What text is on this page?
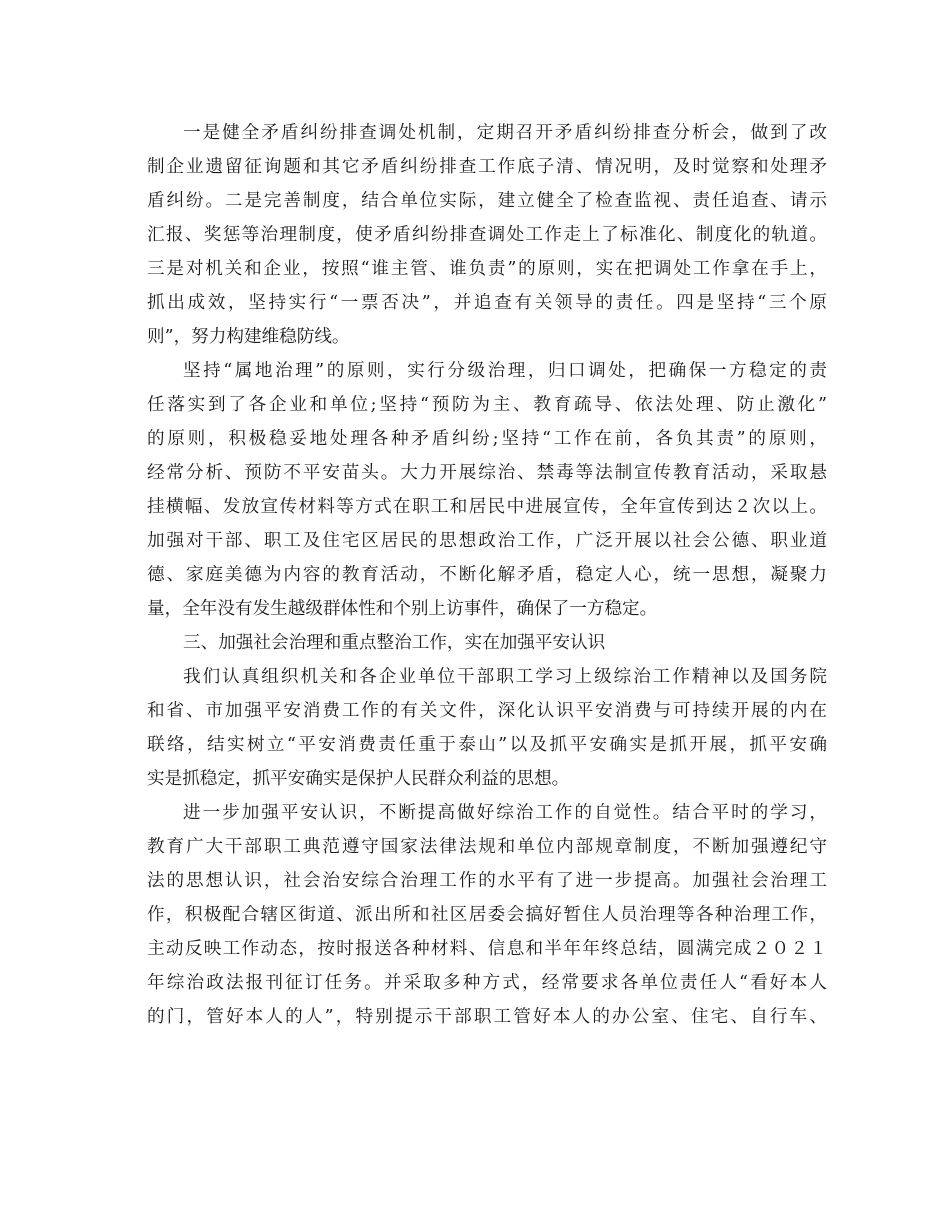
一是健全矛盾纠纷排查调处机制，定期召开矛盾纠纷排查分析会，做到了改
制企业遗留征询题和其它矛盾纠纷排查工作底子清、情况明，及时觉察和处理矛
盾纠纷。二是完善制度，结合单位实际，建立健全了检查监视、责任追查、请示
汇报、奖惩等治理制度，使矛盾纠纷排查调处工作走上了标准化、制度化的轨道。
三是对机关和企业，按照“谁主管、谁负责”的原则，实在把调处工作拿在手上，
抓出成效，坚持实行“一票否决”，并追查有关领导的责任。四是坚持“三个原
则”，努力构建维稳防线。
坚持“属地治理”的原则，实行分级治理，归口调处，把确保一方稳定的责
任落实到了各企业和单位;坚持“预防为主、教育疏导、依法处理、防止激化”
的原则，积极稳妥地处理各种矛盾纠纷;坚持“工作在前，各负其责”的原则，
经常分析、预防不平安苗头。大力开展综治、禁毒等法制宣传教育活动，采取悬
挂横幅、发放宣传材料等方式在职工和居民中进展宣传，全年宣传到达２次以上。
加强对干部、职工及住宅区居民的思想政治工作，广泛开展以社会公德、职业道
德、家庭美德为内容的教育活动，不断化解矛盾，稳定人心，统一思想，凝聚力
量，全年没有发生越级群体性和个别上访事件，确保了一方稳定。
三、加强社会治理和重点整治工作，实在加强平安认识
我们认真组织机关和各企业单位干部职工学习上级综治工作精神以及国务院
和省、市加强平安消费工作的有关文件，深化认识平安消费与可持续开展的内在
联络，结实树立“平安消费责任重于泰山”以及抓平安确实是抓开展，抓平安确
实是抓稳定，抓平安确实是保护人民群众利益的思想。
进一步加强平安认识，不断提高做好综治工作的自觉性。结合平时的学习，
教育广大干部职工典范遵守国家法律法规和单位内部规章制度，不断加强遵纪守
法的思想认识，社会治安综合治理工作的水平有了进一步提高。加强社会治理工
作，积极配合辖区街道、派出所和社区居委会搞好暂住人员治理等各种治理工作，
主动反映工作动态，按时报送各种材料、信息和半年年终总结，圆满完成２０２１
年综治政法报刊征订任务。并采取多种方式，经常要求各单位责任人“看好本人
的门，管好本人的人”，特别提示干部职工管好本人的办公室、住宅、自行车、
